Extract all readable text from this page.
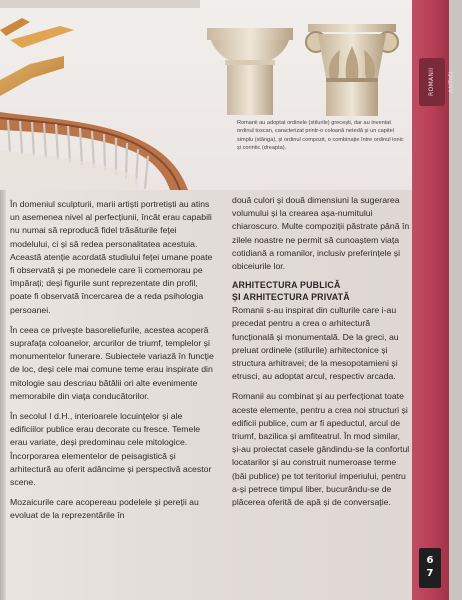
Romanii au adoptat ordinele (stilurile) grecești, dar au inventat ordinul toscan, caracterizat printr-o coloană netedă și un capitel simplu (stânga), și ordinul compozit, o combinație între ordinul ionic și corintic (dreapta).
ROMANII ANTICI
6
7

În domeniul sculpturii, marii artiști portretiști au atins un asemenea nivel al perfecțiunii, încât erau capabili nu numai să reproducă fidel trăsăturile feței modelului, ci și să redea personalitatea acestuia. Această atenție acordată studiului feței umane poate fi observată și pe monedele care îi comemorau pe împărați; deși figurile sunt reprezentate din profil, poate fi observată încercarea de a reda psihologia persoanei.

În ceea ce privește basoreliefurile, acestea acoperă suprafața coloanelor, arcurilor de triumf, templelor și monumentelor funerare. Subiectele variază în funcție de loc, deși cele mai comune teme erau inspirate din mitologie sau descriau bătălii ori alte evenimente memorabile din viața conducătorilor.

În secolul I d.H., interioarele locuințelor și ale edificiilor publice erau decorate cu fresce. Temele erau variate, deși predominau cele mitologice. Încorporarea elementelor de peisagistică și arhitectură au oferit adâncime și perspectivă acestor scene.

Mozaicurile care acopereau podelele și pereții au evoluat de la reprezentările în

două culori și două dimensiuni la sugerarea volumului și la crearea așa-numitului chiaroscuro. Multe compoziții păstrate până în zilele noastre ne permit să cunoaștem viața cotidiană a romanilor, inclusiv preferințele și obiceiurile lor.

ARHITECTURA PUBLICĂ
ȘI ARHITECTURA PRIVATĂ

Romanii s-au inspirat din culturile care i-au precedat pentru a crea o arhitectură funcțională și monumentală. De la greci, au preluat ordinele (stilurile) arhitectonice și structura arhitravei; de la mesopotamieni și etrusci, au adoptat arcul, respectiv arcada.

Romanii au combinat și au perfecționat toate aceste elemente, pentru a crea noi structuri și edificii publice, cum ar fi apeductul, arcul de triumf, bazilica și amfiteatrul. În mod similar, și-au proiectat casele gândindu-se la confortul locatarilor și au construit numeroase terme (băi publice) pe tot teritoriul imperiului, pentru a-și petrece timpul liber, bucurându-se de plăcerea oferită de apă și de conversație.
